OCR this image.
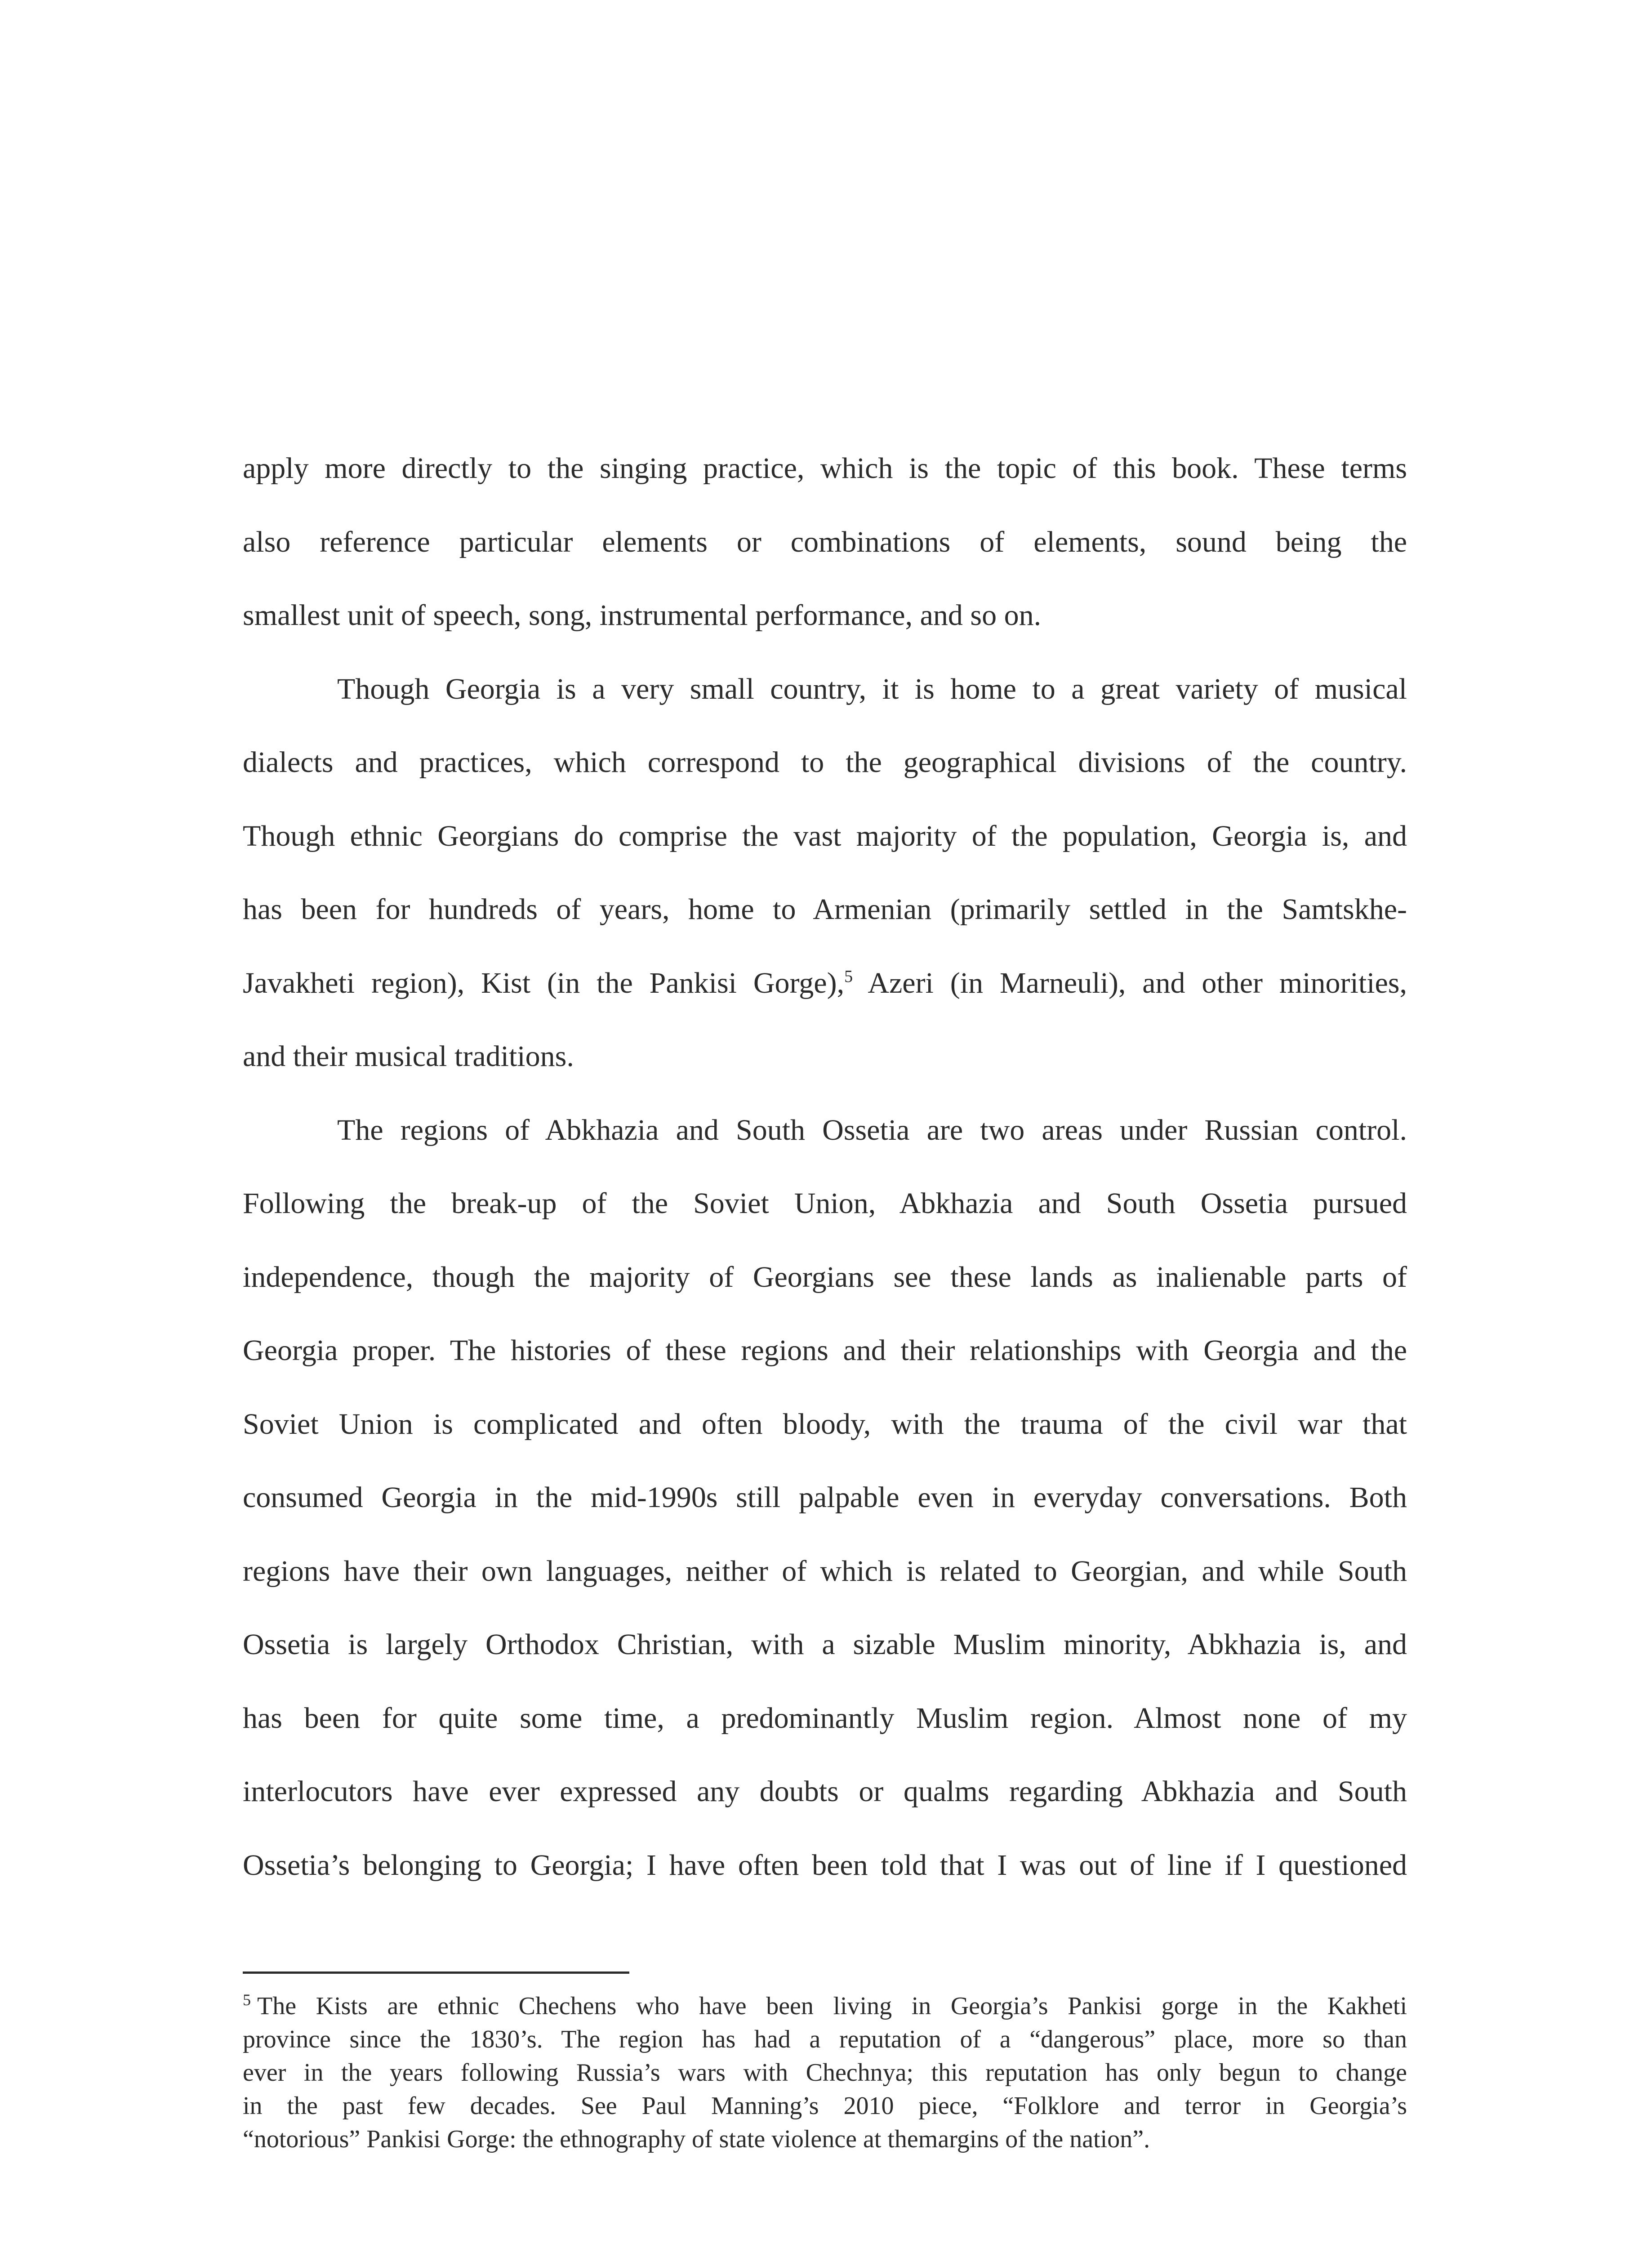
apply more directly to the singing practice, which is the topic of this book. These terms
also reference particular elements or combinations of elements, sound being the
smallest unit of speech, song, instrumental performance, and so on.
Though Georgia is a very small country, it is home to a great variety of musical
dialects and practices, which correspond to the geographical divisions of the country.
Though ethnic Georgians do comprise the vast majority of the population, Georgia is, and
has been for hundreds of years, home to Armenian (primarily settled in the Samtskhe-
Javakheti region), Kist (in the Pankisi Gorge),$^5$ Azeri (in Marneuli), and other minorities,
and their musical traditions.
The regions of Abkhazia and South Ossetia are two areas under Russian control.
Following the break-up of the Soviet Union, Abkhazia and South Ossetia pursued
independence, though the majority of Georgians see these lands as inalienable parts of
Georgia proper. The histories of these regions and their relationships with Georgia and the
Soviet Union is complicated and often bloody, with the trauma of the civil war that
consumed Georgia in the mid-1990s still palpable even in everyday conversations. Both
regions have their own languages, neither of which is related to Georgian, and while South
Ossetia is largely Orthodox Christian, with a sizable Muslim minority, Abkhazia is, and
has been for quite some time, a predominantly Muslim region. Almost none of my
interlocutors have ever expressed any doubts or qualms regarding Abkhazia and South
Ossetia’s belonging to Georgia; I have often been told that I was out of line if I questioned
$^5$ The Kists are ethnic Chechens who have been living in Georgia’s Pankisi gorge in the Kakheti
province since the 1830’s. The region has had a reputation of a “dangerous” place, more so than
ever in the years following Russia’s wars with Chechnya; this reputation has only begun to change
in the past few decades. See Paul Manning’s 2010 piece, “Folklore and terror in Georgia’s
“notorious” Pankisi Gorge: the ethnography of state violence at themargins of the nation”.
